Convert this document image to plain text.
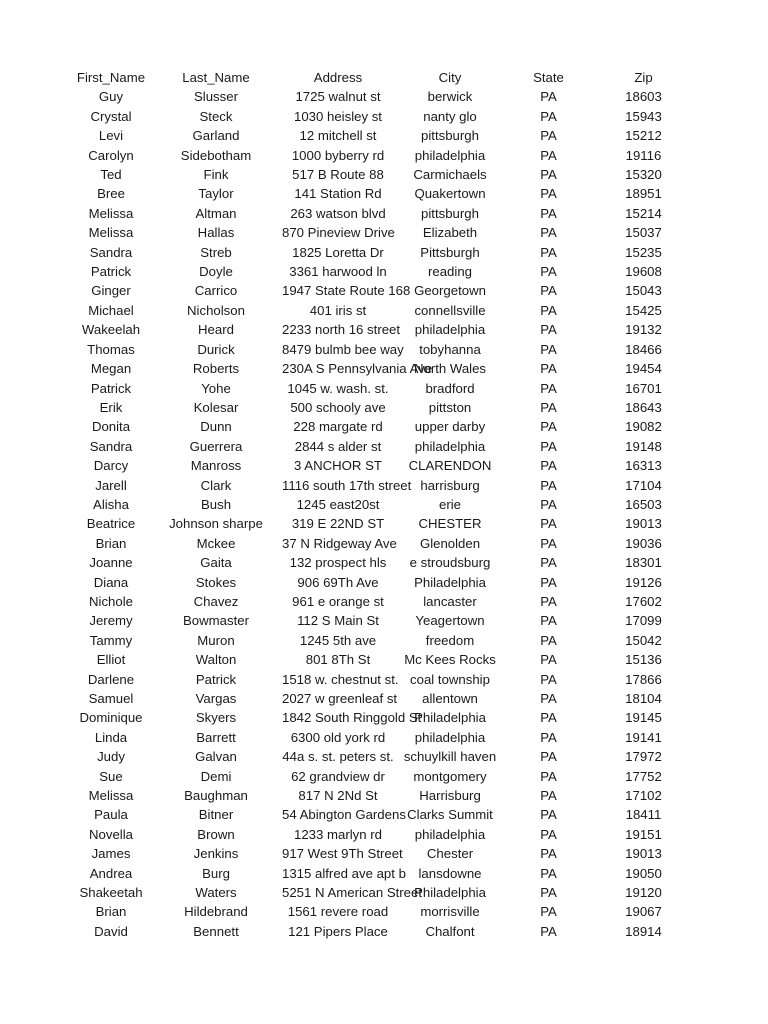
First_Name	Last_Name	Address	City	State	Zip
Guy	Slusser	1725 walnut st	berwick	PA	18603
Crystal	Steck	1030 heisley st	nanty glo	PA	15943
Levi	Garland	12 mitchell st	pittsburgh	PA	15212
Carolyn	Sidebotham	1000 byberry rd	philadelphia	PA	19116
Ted	Fink	517 B Route 88	Carmichaels	PA	15320
Bree	Taylor	141 Station Rd	Quakertown	PA	18951
Melissa	Altman	263 watson blvd	pittsburgh	PA	15214
Melissa	Hallas	870 Pineview Drive	Elizabeth	PA	15037
Sandra	Streb	1825 Loretta Dr	Pittsburgh	PA	15235
Patrick	Doyle	3361 harwood ln	reading	PA	19608
Ginger	Carrico	1947 State Route 168	Georgetown	PA	15043
Michael	Nicholson	401 iris st	connellsville	PA	15425
Wakeelah	Heard	2233 north 16 street	philadelphia	PA	19132
Thomas	Durick	8479 bulmb bee way	tobyhanna	PA	18466
Megan	Roberts	230A S Pennsylvania Ave	North Wales	PA	19454
Patrick	Yohe	1045 w. wash. st.	bradford	PA	16701
Erik	Kolesar	500 schooly ave	pittston	PA	18643
Donita	Dunn	228 margate rd	upper darby	PA	19082
Sandra	Guerrera	2844 s alder st	philadelphia	PA	19148
Darcy	Manross	3 ANCHOR ST	CLARENDON	PA	16313
Jarell	Clark	1116 south 17th street	harrisburg	PA	17104
Alisha	Bush	1245 east20st	erie	PA	16503
Beatrice	Johnson sharpe	319 E 22ND ST	CHESTER	PA	19013
Brian	Mckee	37 N Ridgeway Ave	Glenolden	PA	19036
Joanne	Gaita	132 prospect hls	e stroudsburg	PA	18301
Diana	Stokes	906 69Th Ave	Philadelphia	PA	19126
Nichole	Chavez	961 e orange st	lancaster	PA	17602
Jeremy	Bowmaster	112 S Main St	Yeagertown	PA	17099
Tammy	Muron	1245 5th ave	freedom	PA	15042
Elliot	Walton	801 8Th St	Mc Kees Rocks	PA	15136
Darlene	Patrick	1518 w. chestnut st.	coal township	PA	17866
Samuel	Vargas	2027 w greenleaf st	allentown	PA	18104
Dominique	Skyers	1842 South Ringgold St	Philadelphia	PA	19145
Linda	Barrett	6300 old york rd	philadelphia	PA	19141
Judy	Galvan	44a s. st. peters st.	schuylkill haven	PA	17972
Sue	Demi	62 grandview dr	montgomery	PA	17752
Melissa	Baughman	817 N 2Nd St	Harrisburg	PA	17102
Paula	Bitner	54 Abington Gardens	Clarks Summit	PA	18411
Novella	Brown	1233 marlyn rd	philadelphia	PA	19151
James	Jenkins	917 West 9Th Street	Chester	PA	19013
Andrea	Burg	1315 alfred ave apt b	lansdowne	PA	19050
Shakeetah	Waters	5251 N American Street	Philadelphia	PA	19120
Brian	Hildebrand	1561 revere road	morrisville	PA	19067
David	Bennett	121 Pipers Place	Chalfont	PA	18914
